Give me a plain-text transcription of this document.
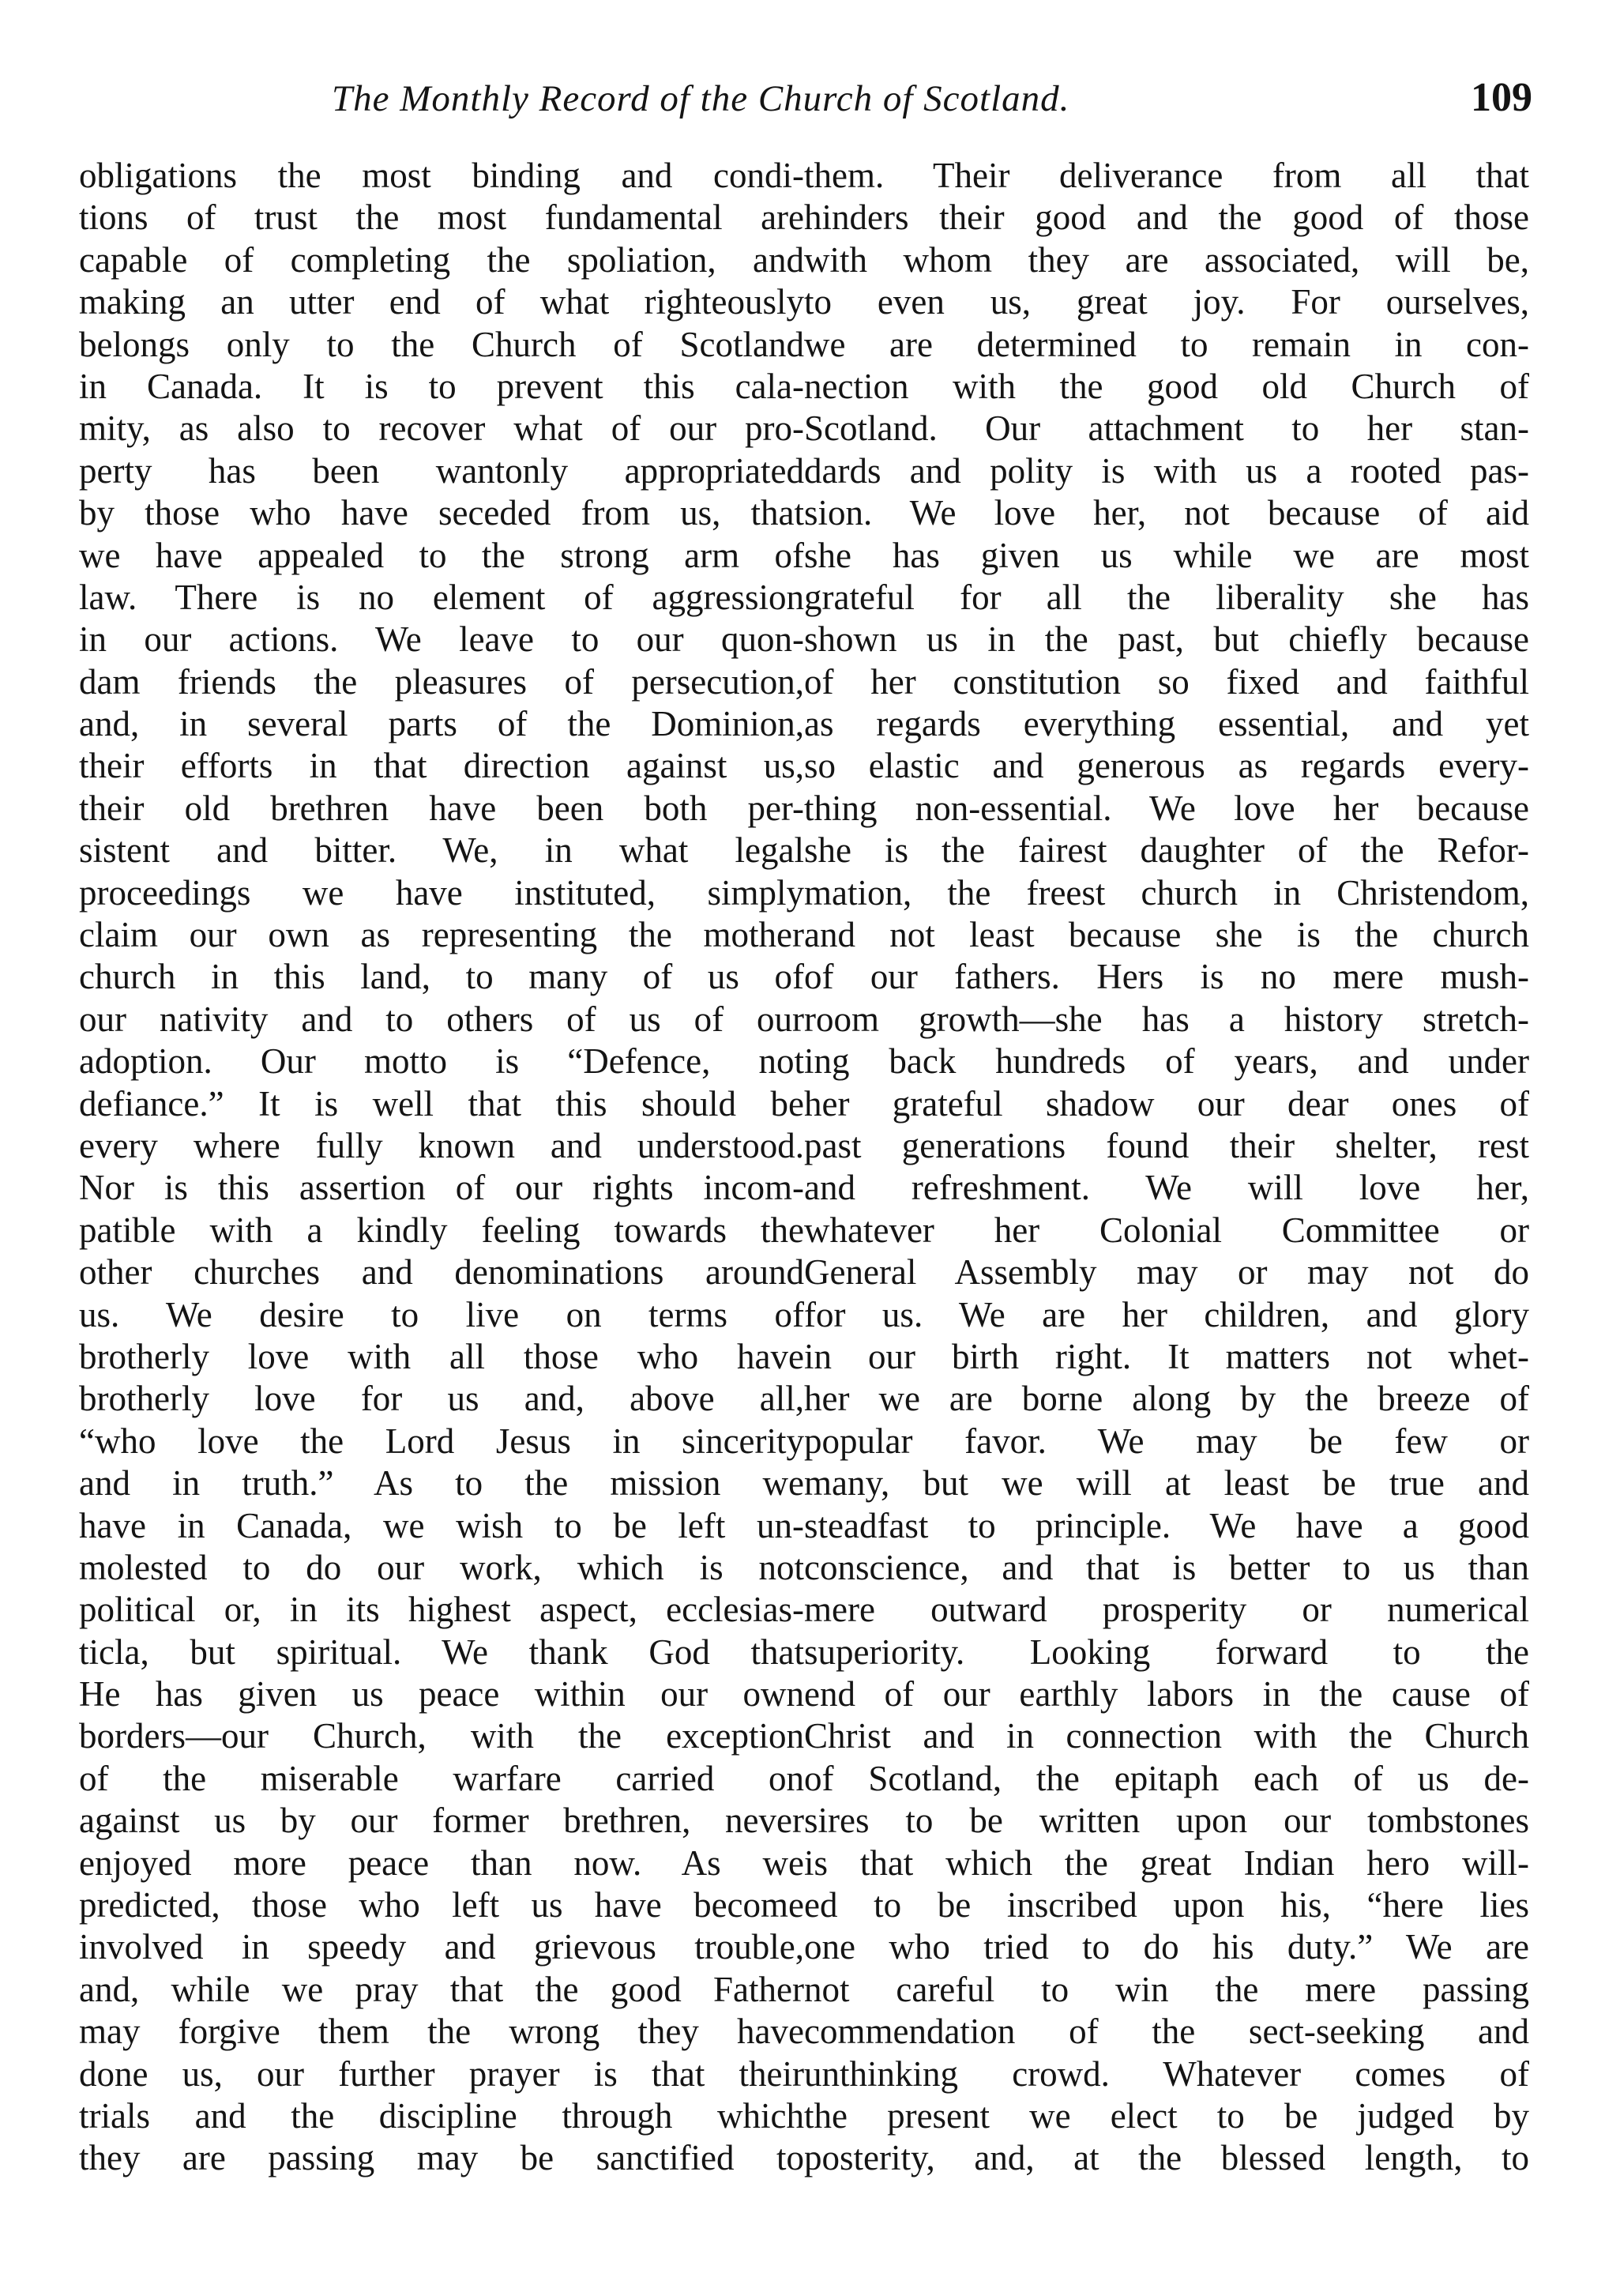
The Monthly Record of the Church of Scotland.	109
obligations the most binding and condi-
tions of trust the most fundamental are
capable of completing the spoliation, and
making an utter end of what righteously
belongs only to the Church of Scotland
in Canada. It is to prevent this cala-
mity, as also to recover what of our pro-
perty has been wantonly appropriated
by those who have seceded from us, that
we have appealed to the strong arm of
law. There is no element of aggression
in our actions. We leave to our quon-
dam friends the pleasures of persecution,
and, in several parts of the Dominion,
their efforts in that direction against us,
their old brethren have been both per-
sistent and bitter. We, in what legal
proceedings we have instituted, simply
claim our own as representing the mother
church in this land, to many of us of
our nativity and to others of us of our
adoption. Our motto is “Defence, not
defiance.” It is well that this should be
every where fully known and understood.
Nor is this assertion of our rights incom-
patible with a kindly feeling towards the
other churches and denominations around
us. We desire to live on terms of
brotherly love with all those who have
brotherly love for us and, above all,
“who love the Lord Jesus in sincerity
and in truth.” As to the mission we
have in Canada, we wish to be left un-
molested to do our work, which is not
political or, in its highest aspect, ecclesias-
ticla, but spiritual. We thank God that
He has given us peace within our own
borders—our Church, with the exception
of the miserable warfare carried on
against us by our former brethren, never
enjoyed more peace than now. As we
predicted, those who left us have become
involved in speedy and grievous trouble,
and, while we pray that the good Father
may forgive them the wrong they have
done us, our further prayer is that their
trials and the discipline through which
they are passing may be sanctified to
them. Their deliverance from all that
hinders their good and the good of those
with whom they are associated, will be,
to even us, great joy. For ourselves,
we are determined to remain in con-
nection with the good old Church of
Scotland. Our attachment to her stan-
dards and polity is with us a rooted pas-
sion. We love her, not because of aid
she has given us while we are most
grateful for all the liberality she has
shown us in the past, but chiefly because
of her constitution so fixed and faithful
as regards everything essential, and yet
so elastic and generous as regards every-
thing non-essential. We love her because
she is the fairest daughter of the Refor-
mation, the freest church in Christendom,
and not least because she is the church
of our fathers. Hers is no mere mush-
room growth—she has a history stretch-
ing back hundreds of years, and under
her grateful shadow our dear ones of
past generations found their shelter, rest
and refreshment. We will love her,
whatever her Colonial Committee or
General Assembly may or may not do
for us. We are her children, and glory
in our birth right. It matters not whet-
her we are borne along by the breeze of
popular favor. We may be few or
many, but we will at least be true and
steadfast to principle. We have a good
conscience, and that is better to us than
mere outward prosperity or numerical
superiority. Looking forward to the
end of our earthly labors in the cause of
Christ and in connection with the Church
of Scotland, the epitaph each of us de-
sires to be written upon our tombstones
is that which the great Indian hero will-
ed to be inscribed upon his, “here lies
one who tried to do his duty.” We are
not careful to win the mere passing
commendation of the sect-seeking and
unthinking crowd. Whatever comes of
the present we elect to be judged by
posterity, and, at the blessed length, to
